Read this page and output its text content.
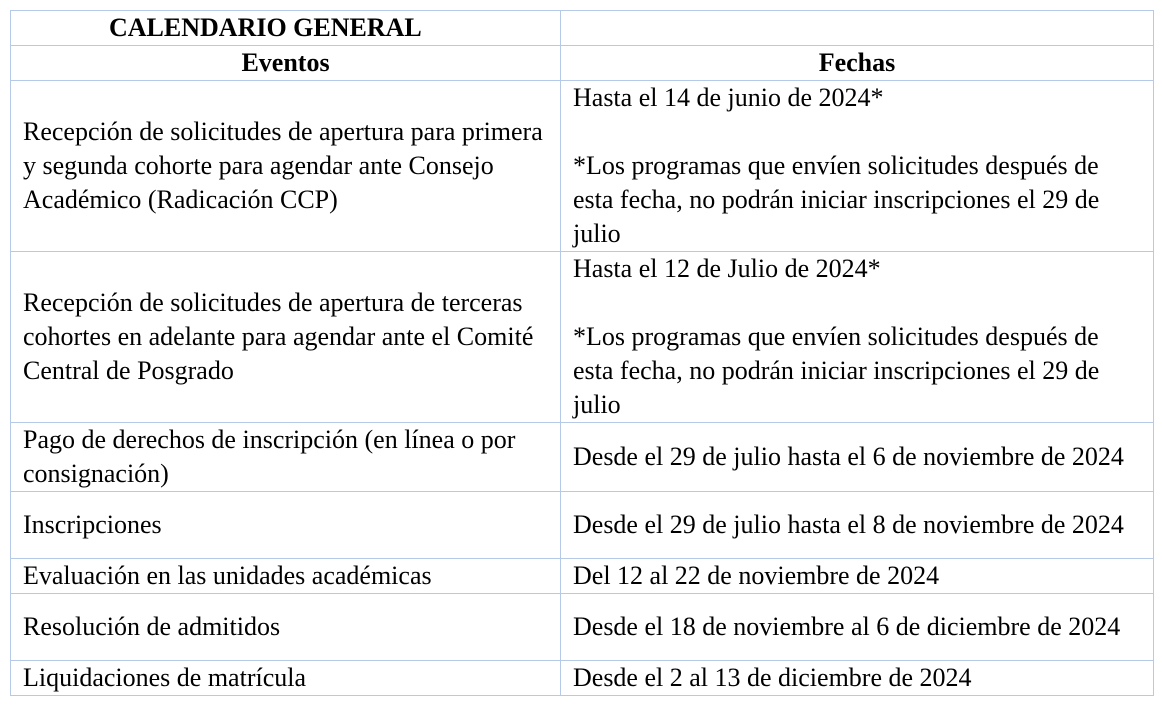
CALENDARIO GENERAL	
Eventos	Fechas
Recepción de solicitudes de apertura para primera y segunda cohorte para agendar ante Consejo Académico (Radicación CCP)	Hasta el 14 de junio de 2024*
*Los programas que envíen solicitudes después de esta fecha, no podrán iniciar inscripciones el 29 de julio

Recepción de solicitudes de apertura de terceras cohortes en adelante para agendar ante el Comité Central de Posgrado	Hasta el 12 de Julio de 2024*
*Los programas que envíen solicitudes después de esta fecha, no podrán iniciar inscripciones el 29 de julio

Pago de derechos de inscripción (en línea o por consignación)	Desde el 29 de julio hasta el 6 de noviembre de 2024
Inscripciones	Desde el 29 de julio hasta el 8 de noviembre de 2024
Evaluación en las unidades académicas	Del 12 al 22 de noviembre de 2024
Resolución de admitidos	Desde el 18 de noviembre al 6 de diciembre de 2024
Liquidaciones de matrícula	Desde el 2 al 13 de diciembre de 2024
